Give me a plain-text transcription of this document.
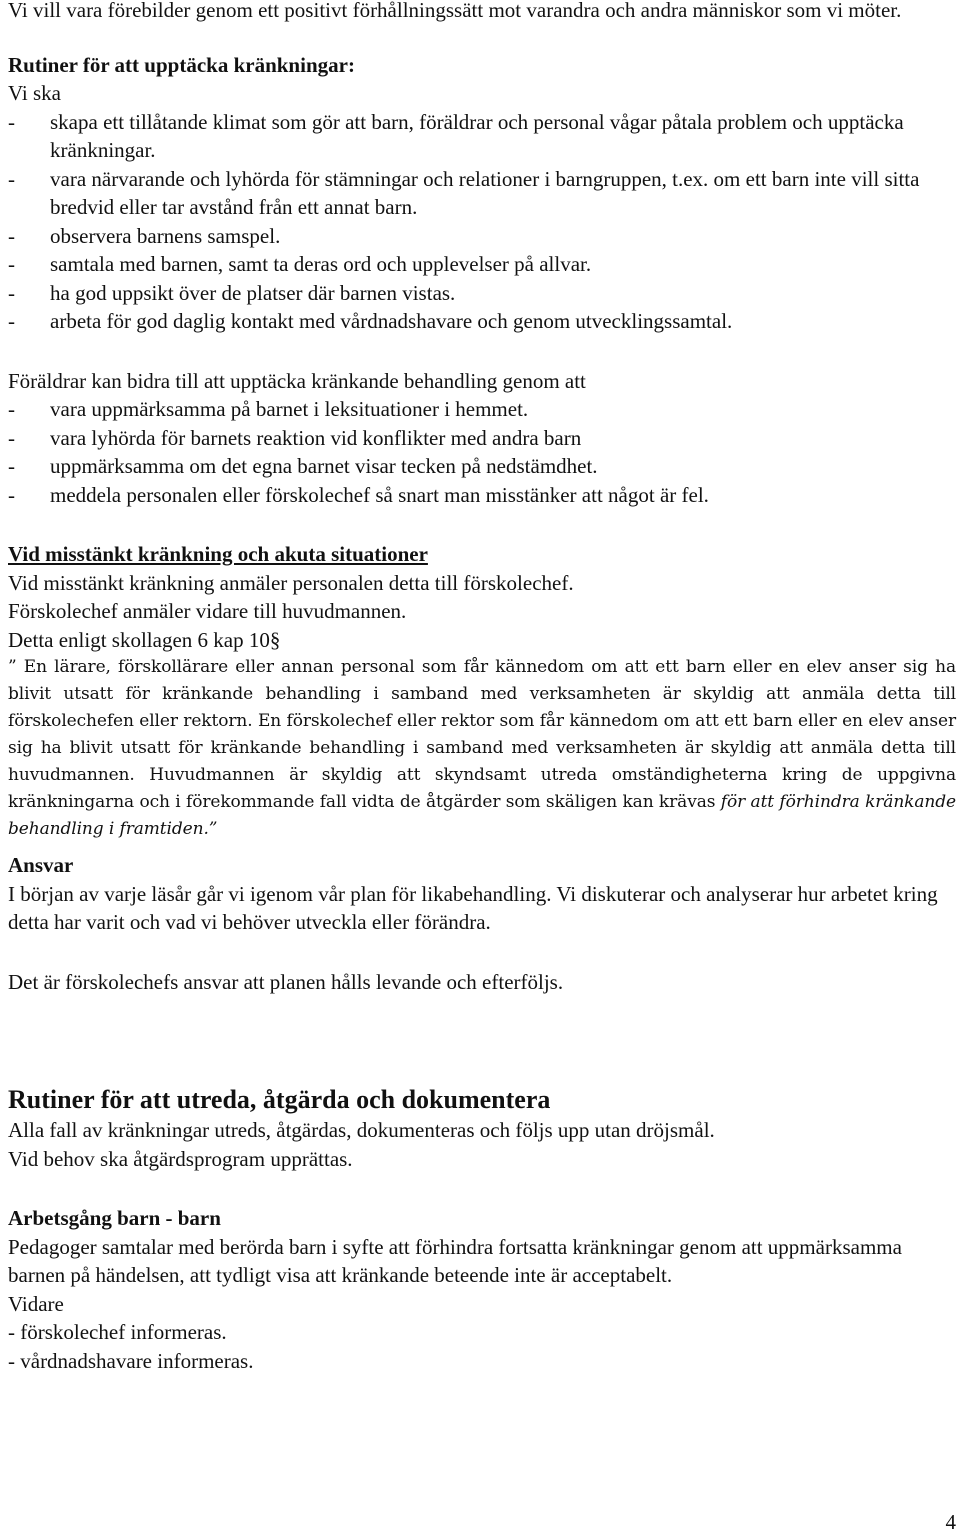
Vi vill vara förebilder genom ett positivt förhållningssätt mot varandra och andra människor som vi möter.

Rutiner för att upptäcka kränkningar:

Vi ska

- skapa ett tillåtande klimat som gör att barn, föräldrar och personal vågar påtala problem och upptäcka kränkningar.
- vara närvarande och lyhörda för stämningar och relationer i barngruppen, t.ex. om ett barn inte vill sitta bredvid eller tar avstånd från ett annat barn.
- observera barnens samspel.
- samtala med barnen, samt ta deras ord och upplevelser på allvar.
- ha god uppsikt över de platser där barnen vistas.
- arbeta för god daglig kontakt med vårdnadshavare och genom utvecklingssamtal.

Föräldrar kan bidra till att upptäcka kränkande behandling genom att

- vara uppmärksamma på barnet i leksituationer i hemmet.
- vara lyhörda för barnets reaktion vid konflikter med andra barn
- uppmärksamma om det egna barnet visar tecken på nedstämdhet.
- meddela personalen eller förskolechef så snart man misstänker att något är fel.

Vid misstänkt kränkning och akuta situationer

Vid misstänkt kränkning anmäler personalen detta till förskolechef.

Förskolechef anmäler vidare till huvudmannen.

Detta enligt skollagen 6 kap 10§

” En lärare, förskollärare eller annan personal som får kännedom om att ett barn eller en elev anser sig ha blivit utsatt för kränkande behandling i samband med verksamheten är skyldig att anmäla detta till förskolechefen eller rektorn. En förskolechef eller rektor som får kännedom om att ett barn eller en elev anser sig ha blivit utsatt för kränkande behandling i samband med verksamheten är skyldig att anmäla detta till huvudmannen. Huvudmannen är skyldig att skyndsamt utreda omständigheterna kring de uppgivna kränkningarna och i förekommande fall vidta de åtgärder som skäligen kan krävas för att förhindra kränkande behandling i framtiden.”

Ansvar

I början av varje läsår går vi igenom vår plan för likabehandling. Vi diskuterar och analyserar hur arbetet kring detta har varit och vad vi behöver utveckla eller förändra.

Det är förskolechefs ansvar att planen hålls levande och efterföljs.

Rutiner för att utreda, åtgärda och dokumentera

Alla fall av kränkningar utreds, åtgärdas, dokumenteras och följs upp utan dröjsmål.

Vid behov ska åtgärdsprogram upprättas.

Arbetsgång barn - barn

Pedagoger samtalar med berörda barn i syfte att förhindra fortsatta kränkningar genom att uppmärksamma barnen på händelsen, att tydligt visa att kränkande beteende inte är acceptabelt.

Vidare

- förskolechef informeras.

- vårdnadshavare informeras.

4
